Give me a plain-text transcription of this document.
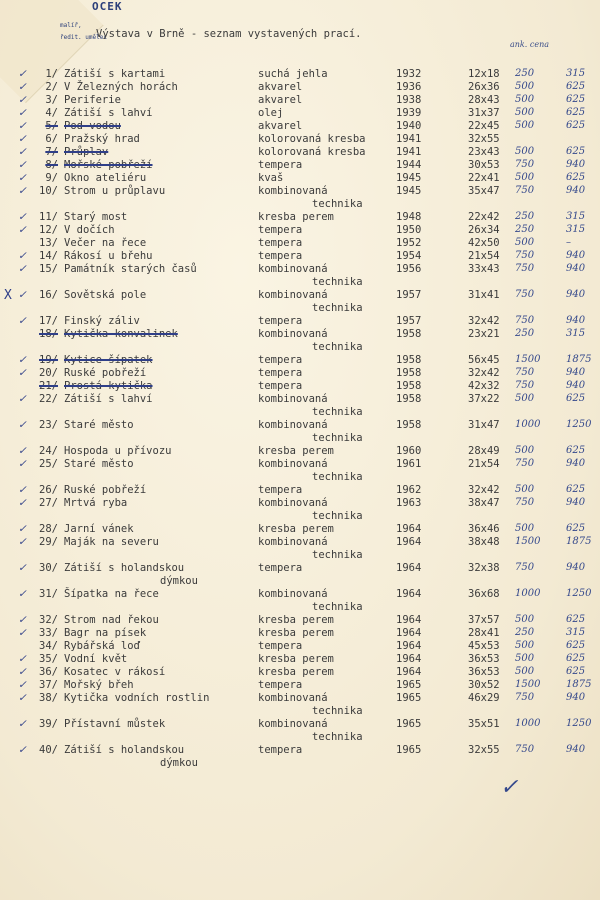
OCEK
malíř,
ředit. umělec
Výstava v Brně - seznam vystavených prací.
ank. cena
X
✓	1/ Zátiší s kartami	suchá jehla	1932	12x18 250	315
✓	2/ V Železných horách	akvarel	1936	26x36 500	625
✓	3/ Periferie	akvarel	1938	28x43 500	625
✓	4/ Zátiší s lahví	olej	1939	31x37 500	625
✓	5/ Pod vodou	akvarel	1940	22x45 500	625
✓	6/ Pražský hrad	kolorovaná kresba	1941	32x55
✓	7/ Průplav	kolorovaná kresba	1941	23x43 500	625
✓	8/ Mořské pobřeží	tempera	1944	30x53 750	940
✓	9/ Okno ateliéru	kvaš	1945	22x41 500	625
✓	10/ Strom u průplavu	kombinovaná	1945	35x47 750	940
technika
✓	11/ Starý most	kresba perem	1948	22x42 250	315
✓	12/ V dočích	tempera	1950	26x34 250	315
13/ Večer na řece	tempera	1952	42x50 500	–
✓	14/ Rákosí u břehu	tempera	1954	21x54 750	940
✓	15/ Památník starých časů	kombinovaná	1956	33x43 750	940
technika
✓	16/ Sovětská pole	kombinovaná	1957	31x41 750	940
technika
✓	17/ Finský záliv	tempera	1957	32x42 750	940
18/ Kytička konvalinek	kombinovaná	1958	23x21 250	315
technika
✓	19/ Kytice šípatek	tempera	1958	56x45 1500	1875
✓	20/ Ruské pobřeží	tempera	1958	32x42 750	940
21/ Prostá kytička	tempera	1958	42x32 750	940
✓	22/ Zátiší s lahví	kombinovaná	1958	37x22 500	625
technika
✓	23/ Staré město	kombinovaná	1958	31x47 1000	1250
technika
✓	24/ Hospoda u přívozu	kresba perem	1960	28x49 500	625
✓	25/ Staré město	kombinovaná	1961	21x54 750	940
technika
✓	26/ Ruské pobřeží	tempera	1962	32x42 500	625
✓	27/ Mrtvá ryba	kombinovaná	1963	38x47 750	940
technika
✓	28/ Jarní vánek	kresba perem	1964	36x46 500	625
✓	29/ Maják na severu	kombinovaná	1964	38x48 1500	1875
technika
✓	30/ Zátiší s holandskou	tempera	1964	32x38 750	940
dýmkou
✓	31/ Šípatka na řece	kombinovaná	1964	36x68 1000	1250
technika
✓	32/ Strom nad řekou	kresba perem	1964	37x57 500	625
✓	33/ Bagr na písek	kresba perem	1964	28x41 250	315
34/ Rybářská loď	tempera	1964	45x53 500	625
✓	35/ Vodní květ	kresba perem	1964	36x53 500	625
✓	36/ Kosatec v rákosí	kresba perem	1964	36x53 500	625
✓	37/ Mořský břeh	tempera	1965	30x52 1500	1875
✓	38/ Kytička vodních rostlin	kombinovaná	1965	46x29 750	940
technika
✓	39/ Přístavní můstek	kombinovaná	1965	35x51 1000	1250
technika
✓	40/ Zátiší s holandskou	tempera	1965	32x55 750	940
dýmkou
✓
